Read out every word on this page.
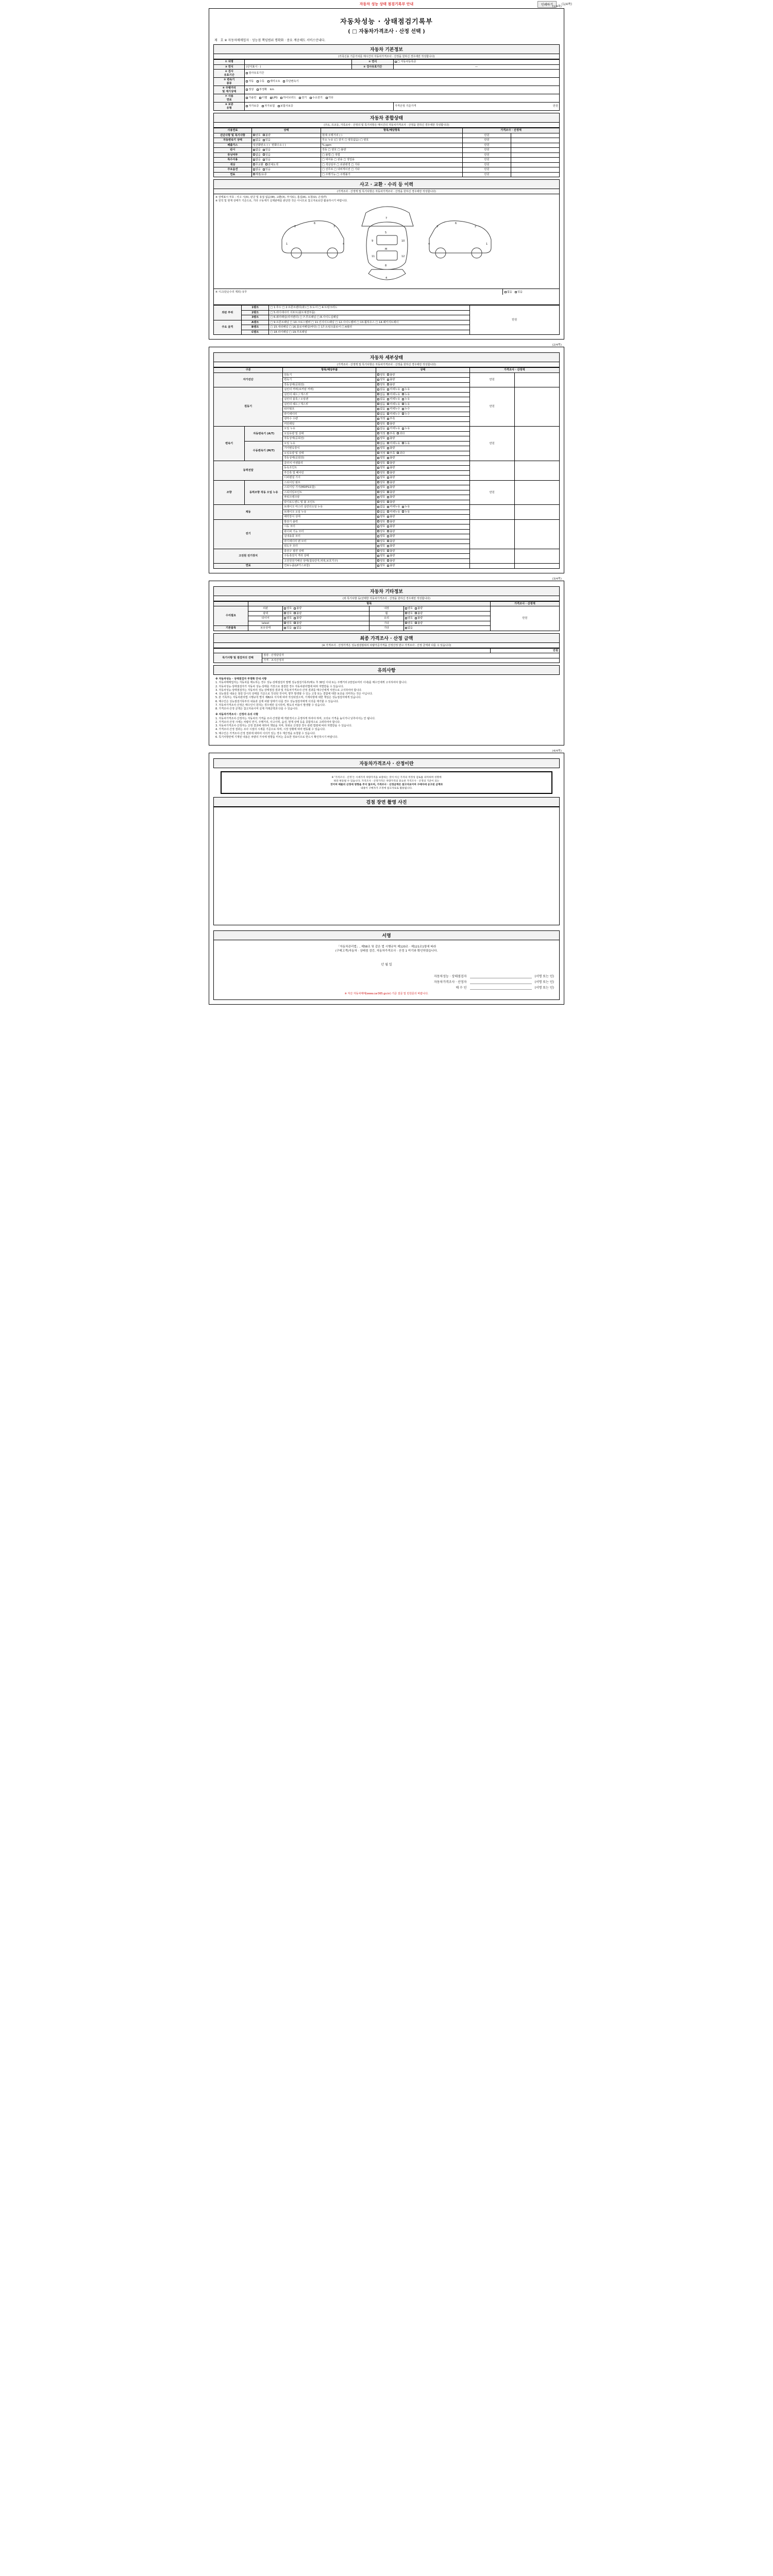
자동차 성능 상태 점검기록부 안내	인쇄하기	(1/4쪽)
(1/4쪽)
자동차성능 · 상태점검기록부
( □ 자동차가격조사 · 산정 선택 )
제 호 ※ 자동차매매업자 · 성능점 책임범위 명확화 · 중요 계공해도 서비스안내다.
자동차 기본정보
(가족신용 기준가치를 매시간의 자동차가격조사 · 산정을 원하신 경우에만 작성합니다)
① 차명		② 연식	□ 자동차등록증
③ 연식	(년식표시 · )	③ 검사유효기간	—
④ 검사
유효기간	검사유효기간		
⑤ 변속기
종류	자동 수동 세미오토 무단변속기		
⑥ 주행거리
및 계기상태	정상 부정확 km		
⑦ 사용
연료	가솔린 디젤 LPG 하이브리드 전기 수소전기 기타		
⑧ 보증
유형	자가보증 자가보험 보험사보증		가격산정 기준가격 만원
자동차 종합상태
(주요, 프조등, 가족조사 · 산정의 및 특기사항은 매시간의 자동차가격조사 · 산정을 원하신 경우에만 작성합니다)
사용연료	상태	항목/해당항목	가격조사 · 산정액	
진단사항 및 특기사항	양호 불량	현재 주행거리 ( )	만원	
자동변속기 상태	없음 있음	무소 누유 (□ 감지 □ 양호없음) □ 양호	만원	
배출가스	일산화탄소 ( ) 탄화수소 ( )	% ppm	만원	
판시	없음 있음	작동 □ 양호 □ 불량	만원	
튜닝여부	없음 있음	□ 불법 □ 적법	만원	
특수사용	없음 있음	□ 대여용 □ 관용 □ 영업용	만원	
색상	무교환 전체도색	□ 색상일부 □ 외관변경 □ 기타	만원	
주요옵션	없음 있음	□ 선루프 □ 내비게이션 □ 기타	만원	
연료	계절/유류	□ 주행가능 □ 주행불가	만원	
사고 · 교환 · 수리 등 이력
(가격조사 · 산정액 및 특기사항은 자동차가격조사 · 산정을 원하신 경우에만 작성합니다)
※ 상태표시 부호 : 사고 시(X), 판금 및 용접 없음(W), 교환(X), 부식(C), 흠집(A), 요철(U), 손상(T)
※ 원칙 및 현재 상태가 기준으로, 기타 구동계가 실제판매를 판단한 것은 아니므로 참고자료로만 활용하시기 바랍니다.
2
6
3
1	4
7
5
M
8
9	10
11	12
4
2
6
3
1
4
※ 시고(단순수리 제외) 유무	없음 있음
외판 부위	1랭크	□ 1.후드 □ 2.프론트펜더(좌) □ 3.도어 □ 4.트렁크리드	만원
	2랭크	□ 5.라디에이터 서포트(볼트체결부품)	
	3랭크	□ 6.쿼터패널(리어펜더) □ 7.루프패널 □ 8.사이드실패널	
주요 골격	A랭크	□ 9.프론트패널 □ 10.크로스멤버 □ 11.인사이드패널 □ 12.사이드멤버 □ 13.휠하우스 □ 14.패키지트레이	
	B랭크	□ 15.대쉬패널 □ 16.플로어패널(바닥) □ 17.트렁크플로어 □ A필러	
	C랭크	□ 18.리어패널 □ 19.루프레일	
(2/4쪽)
자동차 세부상태
(가격조사 · 산정액 및 특기사항은 자동차가격조사 · 산정을 원하신 경우에만 작성합니다)
구분		항목/해당부품	상태	가격조사 · 산정액	
자가진단		원동기	양호 불량	만원	
		변속기	양호 불량		
		작동상태(공회전)	양호 불량		
원동기		실린더 커버(로커암 커버)	없음 미세누유 누유	만원	
		실린더 헤드 / 개스킷	없음 미세누유 누유		
		실린더 블록 / 오일팬	없음 미세누유 누유		
		실린더 헤드 / 개스킷	없음 미세누유 누유		
		워터펌프	없음 미세누수 누수		
		라디에이터	없음 미세누수 누수		
		냉각수 수량	적정 부족		
		커먼레일	양호 불량		
변속기	자동변속기 (A/T)	오일 누유	없음 미세누유 누유	만원	
		오일유량 및 상태	적정 부족 과다		
		작동상태(공회전)	양호 불량		
	수동변속기 (M/T)	오일 누유	없음 미세누유 누유		
		기어변속장치	양호 불량		
		오일유량 및 상태	적정 부족 과다		
		작동상태(공회전)	양호 불량		
동력전달		클러치 어셈블리	양호 불량		
		등속조인트	양호 불량		
		추진축 및 베어링	양호 불량		
		디퍼렌셜 기어	양호 불량		
조향	동력조향 작동 오일 누유	스티어링 펌프	양호 불량	만원	
		스티어링 기어(MDPS포함)	양호 불량		
		스티어링조인트	양호 불량		
		파워크랭크암	양호 불량		
		타이로드엔드 및 볼 조인트	양호 불량		
제동		브레이크 마스터 실린더오일 누유	없음 미세누유 누유		
		브레이크 오일 누유	없음 미세누유 누유		
		배력장치 상태	양호 불량		
전기		발전기 출력	양호 불량		
		시동 모터	양호 불량		
		와이퍼 기능 모터	양호 불량		
		실내송풍 모터	양호 불량		
		라디에이터 팬 모터	양호 불량		
		윈도우 모터	양호 불량		
고전원 전기장치		충전구 절연 상태	양호 불량		
		구동축전지 격리 상태	양호 불량		
		고전원전기배선 상태(접속단자,피복,보호기구)	양호 불량		
연료		연료누출(LP가스포함)	양호 불량		
(3/4쪽)
자동차 기타정보
(외 특기사항 등(선택한 자동차가격조사 · 산정을 원하신 경우에만 작성합니다)
	항목				가격조사 · 산정액
수리필요	외판	양호 불량	내장	양호 불량	만원
	광택	양호 불량	휠	양호 불량	
	타이어	양호 불량	유리	양호 불량	
	latest	양호 불량	기타	양호 불량	
기본품목	보유상태	있음 없음	기타	없음	
최종 가격조사 · 산정 금액
(※ 가격조사 · 산정가격은 성능점검범위의 차량가준가격을 산정산정 받고 가격조사 · 산정 금액과 다를 수 있습니다)
		만원
특기사항 및 점검자의 견해	점검 · 산정담당자	
	가격 · 조사산정자	
유의사항
※ 자동차성능 · 상태점검자 부정확 안내 사항
1. 자동차매매업자는 자동차를 매도하는 경우 성능·상태점검자 발행 성능점검기록부(매도 후 30일 이내 또는 주행거리 2천킬로미터 이내)를 매수인에게 고지하여야 합니다.
2. 자동차성능·상태점검자가 자동차 성능·상태를 거짓으로 점검한 경우 자동차관리법에 따라 처벌받을 수 있습니다.
3. 자동차성능·상태점검자는 자동차의 성능·상태점검 결과 및 자동차가격조사·산정 결과를 매수인에게 서면으로 고지하여야 합니다.
4. 성능점검 내용은 점검 당시의 상태를 기준으로 작성된 것이며, 향후 발생할 수 있는 고장 또는 결함에 대한 보증을 의미하는 것은 아닙니다.
5. 본 기록부는 자동차관리법 시행규칙 별지 제82호 서식에 따라 작성되었으며, 기재사항에 대한 책임은 성능점검자에게 있습니다.
6. 매수인은 성능점검기록부의 내용과 실제 차량 상태가 다를 경우 성능점검자에게 이의를 제기할 수 있습니다.
7. 자동차가격조사·산정은 매수인이 원하는 경우에만 실시하며, 별도의 비용이 발생할 수 있습니다.
8. 가격조사·산정 금액은 참고자료이며 실제 거래금액과 다를 수 있습니다.
※ 자동차가격조사 · 산정자 유의 사항
1. 자동차가격조사·산정자는 자동차의 가격을 조사·산정할 때 객관적이고 공정하게 하여야 하며, 고의로 가격을 높이거나 낮추어서는 안 됩니다.
2. 가격조사·산정 시에는 차량의 연식, 주행거리, 사고이력, 옵션, 현재 상태 등을 종합적으로 고려하여야 합니다.
3. 자동차가격조사·산정자는 산정 결과에 대하여 책임을 지며, 허위로 산정한 경우 관련 법령에 따라 처벌받을 수 있습니다.
4. 가격조사·산정 결과는 조사 시점의 시세를 기준으로 하며, 시장 상황에 따라 변동될 수 있습니다.
5. 매수인은 가격조사·산정 결과에 대하여 이의가 있는 경우 재산정을 요청할 수 있습니다.
6. 특기사항란에 기재된 내용은 차량의 가치에 영향을 미치는 중요한 정보이므로 반드시 확인하시기 바랍니다.
(4/4쪽)
자동차가격조사 · 산정이란
※ '가격조사 · 산정'은 시세가격 차량가격을 보장하는 것이 아닌 가격의 적정성 검토를 의미하며 성명에
따라 변동될 수 있습니다. 가격조사 · 산정가격은 차량가격의 중요한 가격조사 · 산정의 기준이 되는
것이며 매물의 산정에 영향을 주지 않으며, 가격조사 · 산정금액은 참고자료이며 구매자에 공고된 금액과
내용이 구매자가 조정에 참고자료로 활용됩니다.
검점 장면 촬영 사진
서명
「자동차관리법」, 제58조 및 같은 법 시행규칙 제120조 · 제121조1항에 따라
(구매고객)자동차 · 상태점 검증, 자동차가격조사 · 산정 1 여기와 확인하였습니다.
년 월 일
자동차성능 · 상태점검자	(서명 또는 인)
자동차가격조사 · 산정자	(서명 또는 인)
매 수 인	(서명 또는 인)
※ 자산 자동차매매(www.car365.go.kr) 기준 질문 및 민원문의 바랍니다.
